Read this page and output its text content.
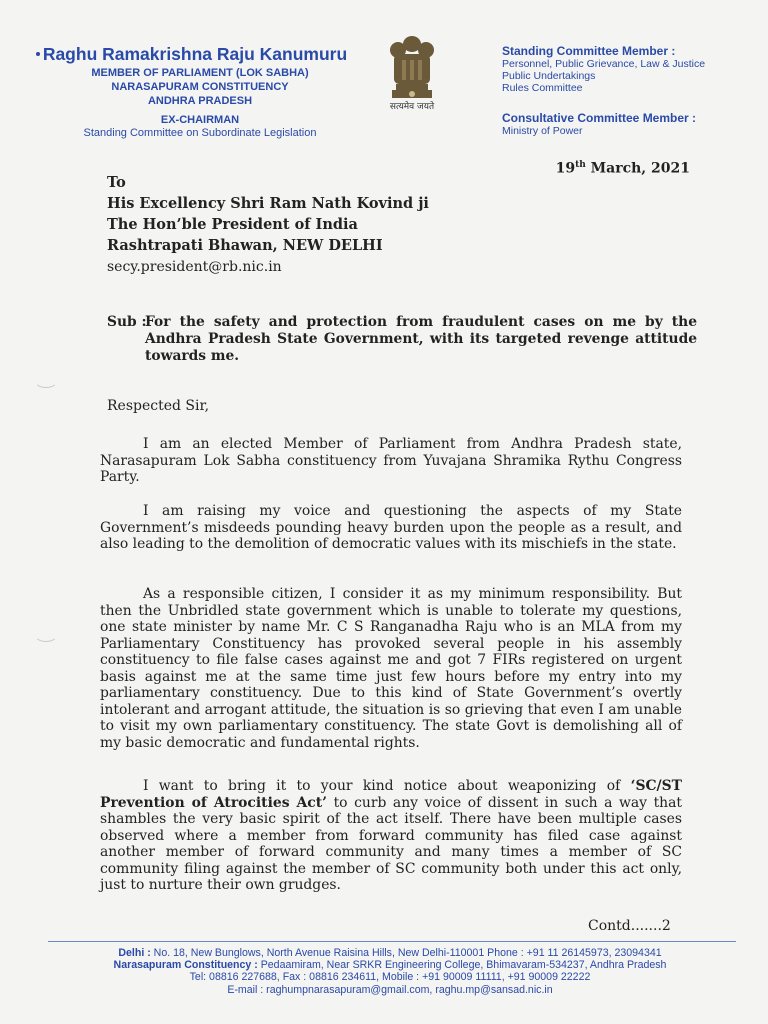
Raghu Ramakrishna Raju Kanumuru
MEMBER OF PARLIAMENT (LOK SABHA)
NARASAPURAM CONSTITUENCY
ANDHRA PRADESH
EX-CHAIRMAN
Standing Committee on Subordinate Legislation
सत्यमेव जयते
Standing Committee Member :
Personnel, Public Grievance, Law & Justice
Public Undertakings
Rules Committee
Consultative Committee Member :
Ministry of Power
19th March, 2021
To
His Excellency Shri Ram Nath Kovind ji
The Hon’ble President of India
Rashtrapati Bhawan, NEW DELHI
secy.president@rb.nic.in
Sub :
For the safety and protection from fraudulent cases on me by the Andhra Pradesh State Government, with its targeted revenge attitude towards me.
Respected Sir,
I am an elected Member of Parliament from Andhra Pradesh state, Narasapuram Lok Sabha constituency from Yuvajana Shramika Rythu Congress Party.
I am raising my voice and questioning the aspects of my State Government’s misdeeds pounding heavy burden upon the people as a result, and also leading to the demolition of democratic values with its mischiefs in the state.
As a responsible citizen, I consider it as my minimum responsibility. But then the Unbridled state government which is unable to tolerate my questions, one state minister by name Mr. C S Ranganadha Raju who is an MLA from my Parliamentary Constituency has provoked several people in his assembly constituency to file false cases against me and got 7 FIRs registered on urgent basis against me at the same time just few hours before my entry into my parliamentary constituency. Due to this kind of State Government’s overtly intolerant and arrogant attitude, the situation is so grieving that even I am unable to visit my own parliamentary constituency. The state Govt is demolishing all of my basic democratic and fundamental rights.
I want to bring it to your kind notice about weaponizing of ‘SC/ST Prevention of Atrocities Act’ to curb any voice of dissent in such a way that shambles the very basic spirit of the act itself. There have been multiple cases observed where a member from forward community has filed case against another member of forward community and many times a member of SC community filing against the member of SC community both under this act only, just to nurture their own grudges.
Contd.......2
Delhi : No. 18, New Bunglows, North Avenue Raisina Hills, New Delhi-110001 Phone : +91 11 26145973, 23094341
Narasapuram Constituency : Pedaamiram, Near SRKR Engineering College, Bhimavaram-534237, Andhra Pradesh
Tel: 08816 227688, Fax : 08816 234611, Mobile : +91 90009 11111, +91 90009 22222
E-mail : raghumpnarasapuram@gmail.com, raghu.mp@sansad.nic.in
